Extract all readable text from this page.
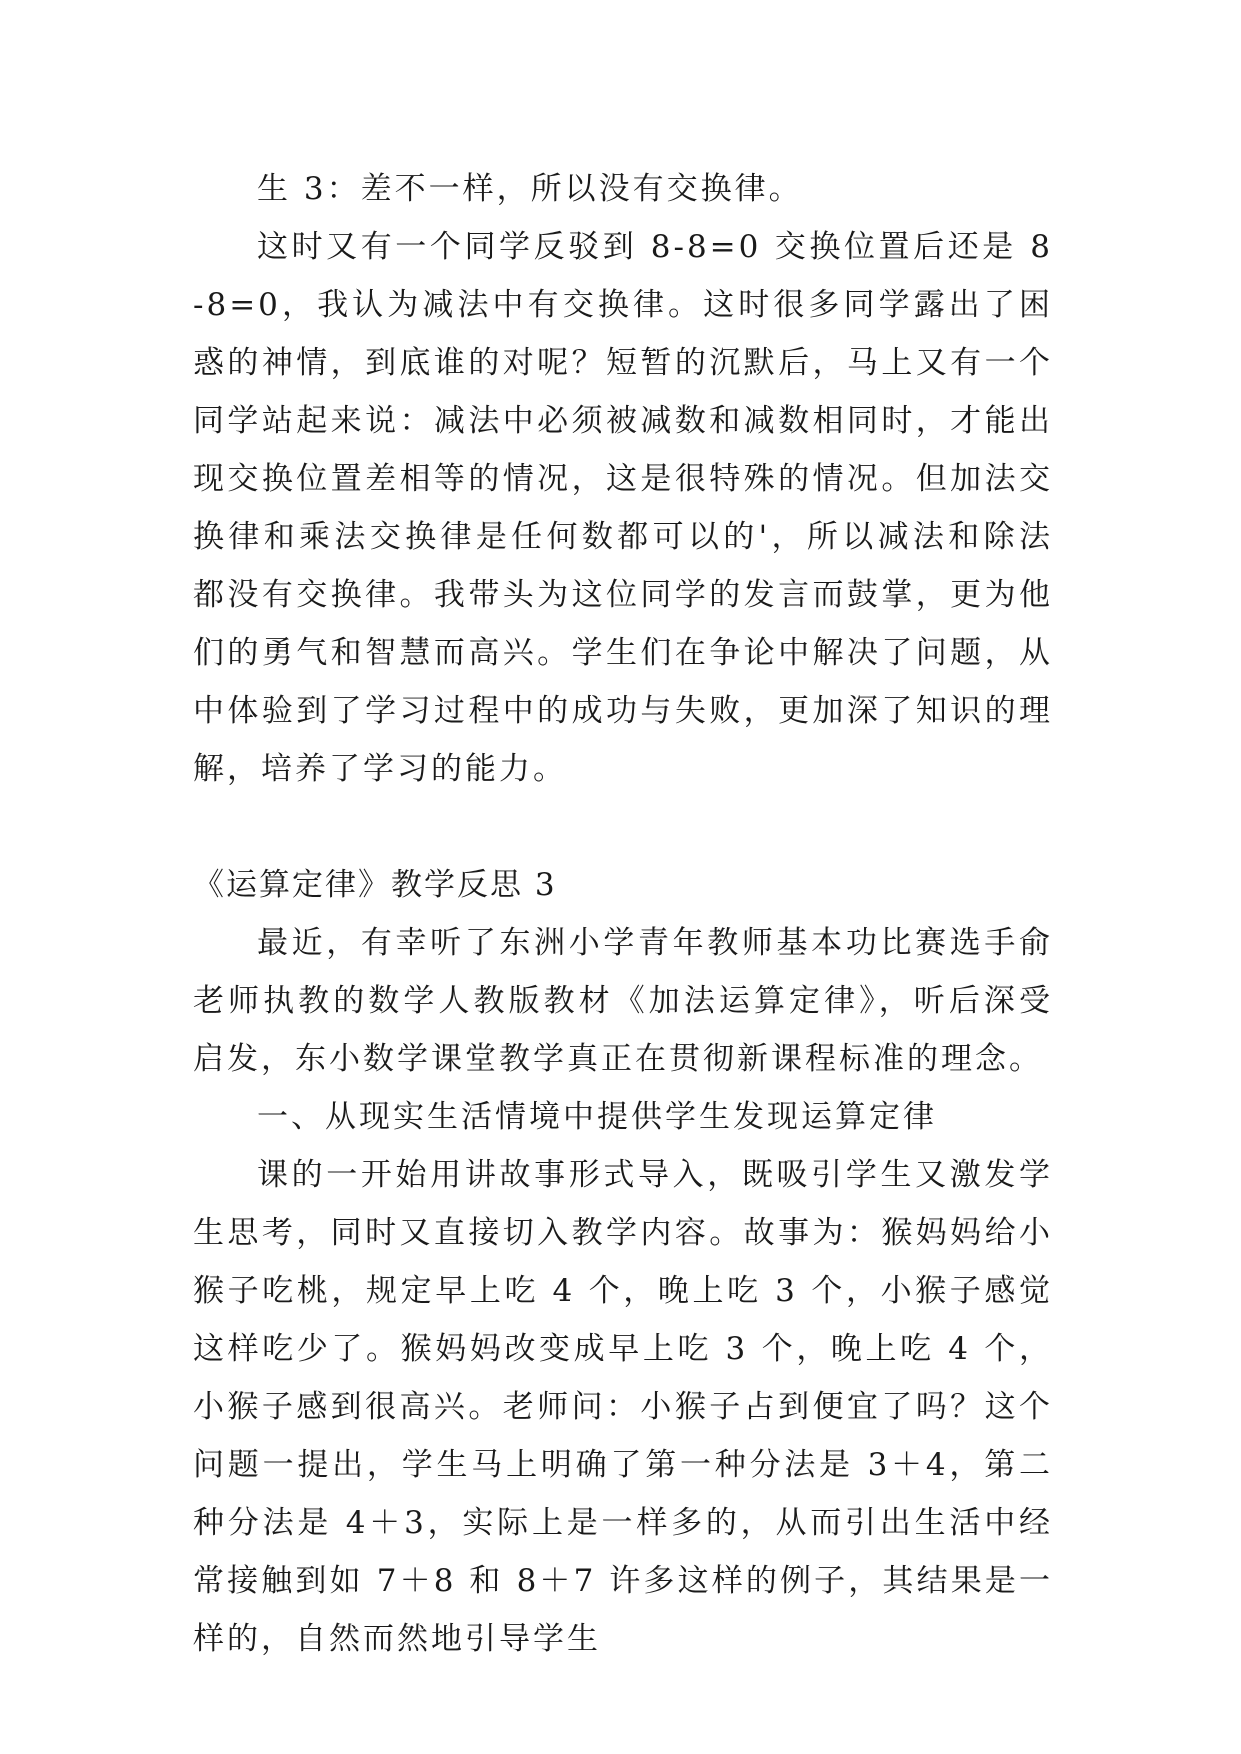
生 3：差不一样，所以没有交换律。

这时又有一个同学反驳到 8-8=0 交换位置后还是 8-8=0，我认为减法中有交换律。这时很多同学露出了困惑的神情，到底谁的对呢？短暂的沉默后，马上又有一个同学站起来说：减法中必须被减数和减数相同时，才能出现交换位置差相等的情况，这是很特殊的情况。但加法交换律和乘法交换律是任何数都可以的'，所以减法和除法都没有交换律。我带头为这位同学的发言而鼓掌，更为他们的勇气和智慧而高兴。学生们在争论中解决了问题，从中体验到了学习过程中的成功与失败，更加深了知识的理解，培养了学习的能力。

《运算定律》教学反思 3

最近，有幸听了东洲小学青年教师基本功比赛选手俞老师执教的数学人教版教材《加法运算定律》，听后深受启发，东小数学课堂教学真正在贯彻新课程标准的理念。

一、从现实生活情境中提供学生发现运算定律

课的一开始用讲故事形式导入，既吸引学生又激发学生思考，同时又直接切入教学内容。故事为：猴妈妈给小猴子吃桃，规定早上吃 4 个，晚上吃 3 个，小猴子感觉这样吃少了。猴妈妈改变成早上吃 3 个，晚上吃 4 个，小猴子感到很高兴。老师问：小猴子占到便宜了吗？这个问题一提出，学生马上明确了第一种分法是 3＋4，第二种分法是 4＋3，实际上是一样多的，从而引出生活中经常接触到如 7＋8 和 8＋7 许多这样的例子，其结果是一样的，自然而然地引导学生
